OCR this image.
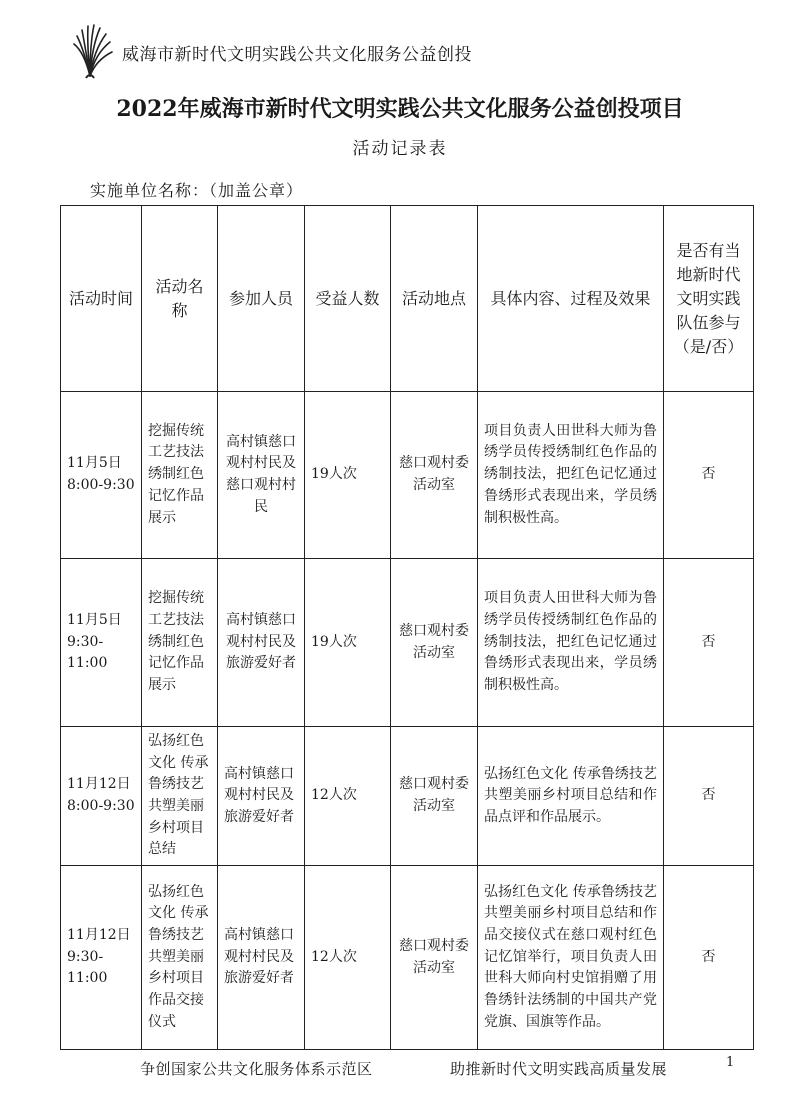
威海市新时代文明实践公共文化服务公益创投
2022年威海市新时代文明实践公共文化服务公益创投项目
活动记录表
实施单位名称：（加盖公章）
活动时间	活动名称	参加人员	受益人数	活动地点	具体内容、过程及效果	是否有当地新时代文明实践队伍参与（是/否）
11月5日 8:00-9:30	挖掘传统工艺技法绣制红色记忆作品展示	高村镇慈口观村村民及慈口观村村民	19人次	慈口观村委活动室	项目负责人田世科大师为鲁绣学员传授绣制红色作品的绣制技法，把红色记忆通过鲁绣形式表现出来，学员绣制积极性高。	否
11月5日 9:30-11:00	挖掘传统工艺技法绣制红色记忆作品展示	高村镇慈口观村村民及旅游爱好者	19人次	慈口观村委活动室	项目负责人田世科大师为鲁绣学员传授绣制红色作品的绣制技法，把红色记忆通过鲁绣形式表现出来，学员绣制积极性高。	否
11月12日 8:00-9:30	弘扬红色文化 传承鲁绣技艺共塑美丽乡村项目总结	高村镇慈口观村村民及旅游爱好者	12人次	慈口观村委活动室	弘扬红色文化 传承鲁绣技艺共塑美丽乡村项目总结和作品点评和作品展示。	否
11月12日 9:30-11:00	弘扬红色文化 传承鲁绣技艺共塑美丽乡村项目作品交接仪式	高村镇慈口观村村民及旅游爱好者	12人次	慈口观村委活动室	弘扬红色文化 传承鲁绣技艺共塑美丽乡村项目总结和作品交接仪式在慈口观村红色记忆馆举行，项目负责人田世科大师向村史馆捐赠了用鲁绣针法绣制的中国共产党党旗、国旗等作品。	否
争创国家公共文化服务体系示范区	助推新时代文明实践高质量发展	1
